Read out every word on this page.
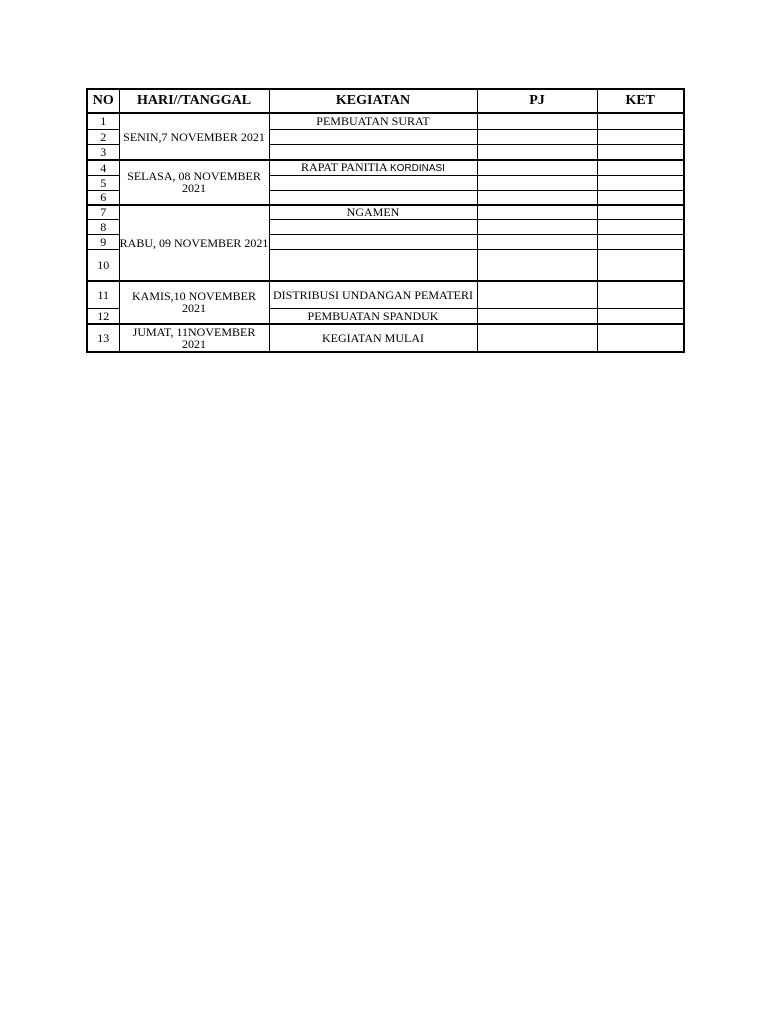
NO	HARI//TANGGAL	KEGIATAN	PJ	KET
1	SENIN,7 NOVEMBER 2021	PEMBUATAN SURAT		
2				
3				
4	SELASA, 08 NOVEMBER 2021	RAPAT PANITIA KORDINASI		
5				
6				
7	RABU, 09 NOVEMBER 2021	NGAMEN		
8				
9				
10				
11	KAMIS,10 NOVEMBER 2021	DISTRIBUSI UNDANGAN PEMATERI		
12		PEMBUATAN SPANDUK		
13	JUMAT, 11NOVEMBER 2021	KEGIATAN MULAI		
